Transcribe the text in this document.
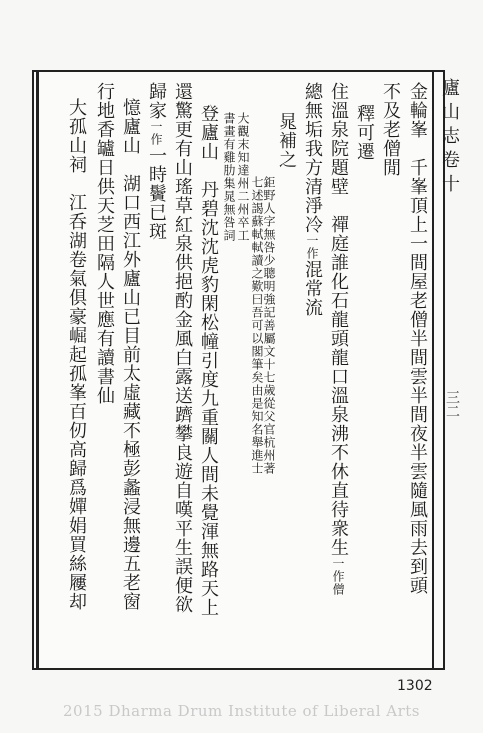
廬山志卷十
三二
金輪峯　千峯頂上一間屋老僧半間雲半間夜半雲隨風雨去到頭
不及老僧閒
釋可遷
住溫泉院題壁　禪庭誰化石龍頭龍口溫泉沸不休直待衆生一作僧
總無垢我方清淨冷一作混常流
晁補之
鉅野人字無咎少聰明強記善屬文十七歲從父官杭州著
七述謁蘇軾軾讀之歎曰吾可以閣筆矣由是知名舉進士
大觀末知達州二州卒工
書畫有雞肋集晁無咎詞
登廬山　丹碧沈沈虎豹閑松幢引度九重關人間未覺渾無路天上
還驚更有山瑤草紅泉供挹酌金風白露送躋攀良遊自嘆平生誤便欲
歸家一作一時鬢已斑
憶廬山　湖口西江外廬山已目前太虛藏不極彭蠡浸無邊五老窗
行地香罏日供天芝田隔人世應有讀書仙
大孤山祠　江呑湖卷氣俱豪崛起孤峯百仞高歸爲嬋娟買絲屨却
1302
2015 Dharma Drum Institute of Liberal Arts
